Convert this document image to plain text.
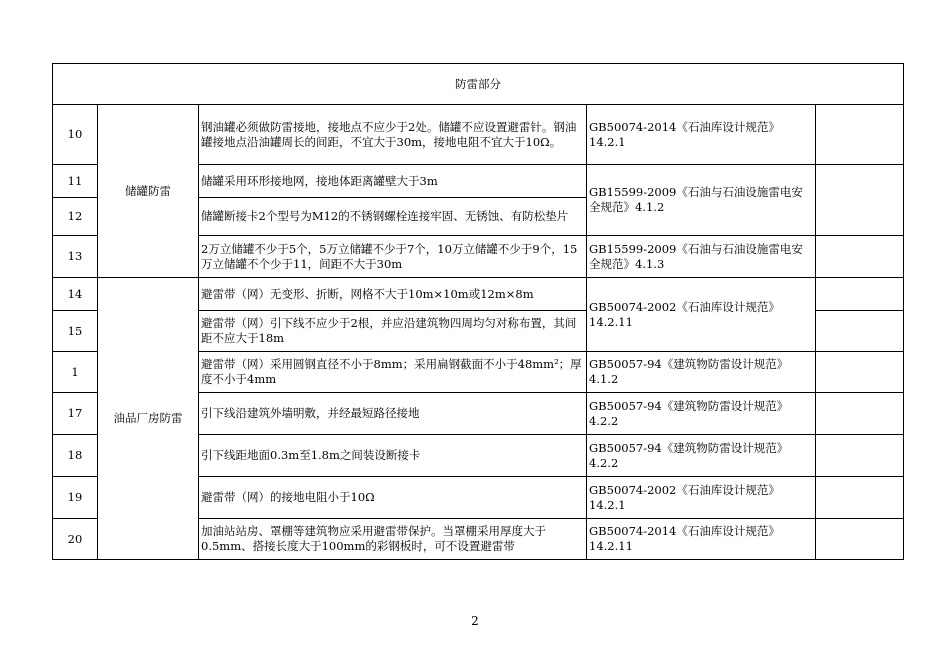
防雷部分				
10	储罐防雷	钢油罐必须做防雷接地，接地点不应少于2处。储罐不应设置避雷针。钢油罐接地点沿油罐周长的间距，不宜大于30m，接地电阻不宜大于10Ω。	GB50074-2014《石油库设计规范》14.2.1	
11		储罐采用环形接地网，接地体距离罐壁大于3m	GB15599-2009《石油与石油设施雷电安全规范》4.1.2	
12		储罐断接卡2个型号为M12的不锈钢螺栓连接牢固、无锈蚀、有防松垫片		
13		2万立储罐不少于5个，5万立储罐不少于7个，10万立储罐不少于9个，15万立储罐不个少于11，间距不大于30m	GB15599-2009《石油与石油设施雷电安全规范》4.1.3	
14	油品厂房防雷	避雷带（网）无变形、折断，网格不大于10m×10m或12m×8m	GB50074-2002《石油库设计规范》14.2.11	
15		避雷带（网）引下线不应少于2根，并应沿建筑物四周均匀对称布置，其间距不应大于18m		
1		避雷带（网）采用圆钢直径不小于8mm；采用扁钢截面不小于48mm²；厚度不小于4mm	GB50057-94《建筑物防雷设计规范》4.1.2	
17		引下线沿建筑外墙明敷，并经最短路径接地	GB50057-94《建筑物防雷设计规范》4.2.2	
18		引下线距地面0.3m至1.8m之间装设断接卡	GB50057-94《建筑物防雷设计规范》4.2.2	
19		避雷带（网）的接地电阻小于10Ω	GB50074-2002《石油库设计规范》14.2.1	
20		加油站站房、罩棚等建筑物应采用避雷带保护。当罩棚采用厚度大于0.5mm、搭接长度大于100mm的彩钢板时，可不设置避雷带	GB50074-2014《石油库设计规范》14.2.11	
2
